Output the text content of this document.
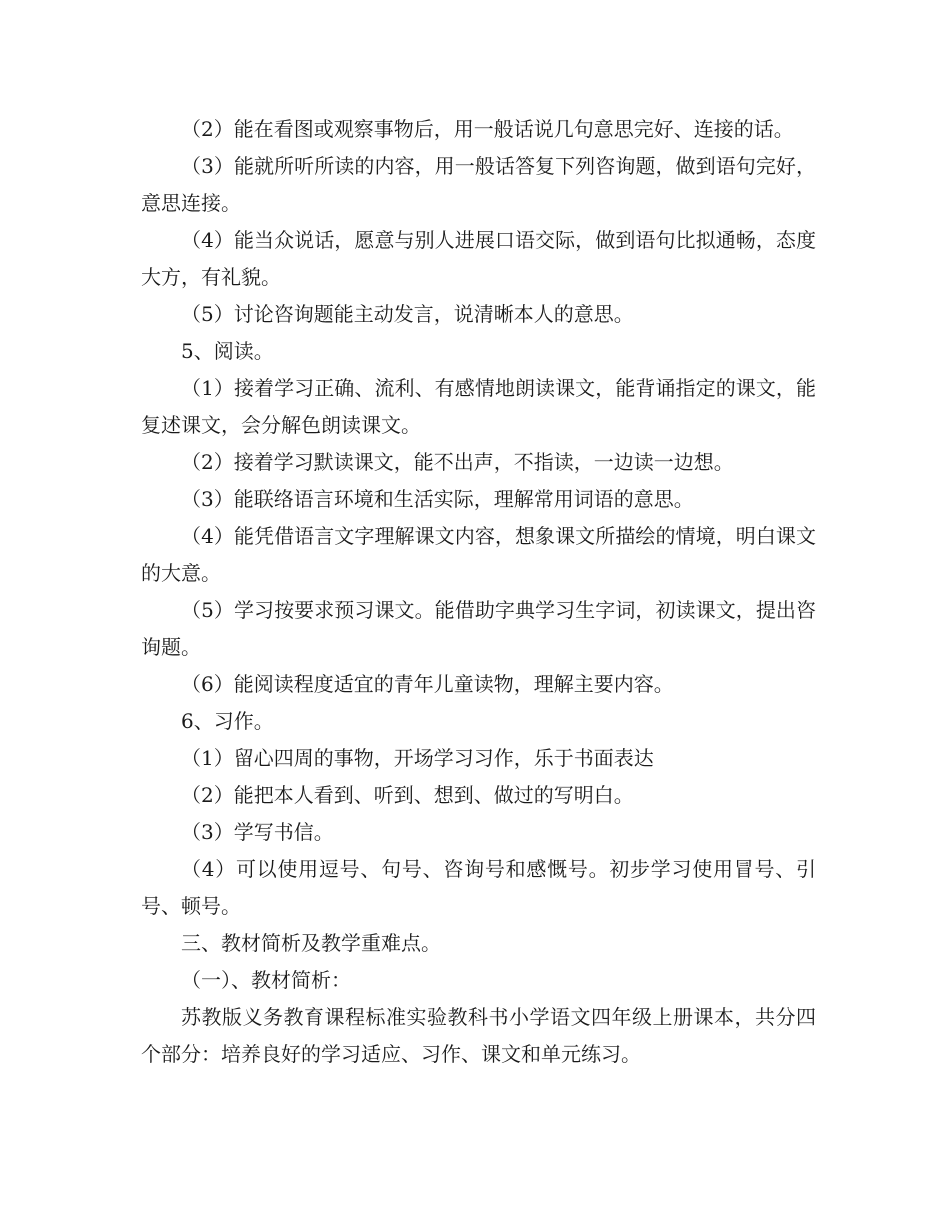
（2）能在看图或观察事物后，用一般话说几句意思完好、连接的话。

（3）能就所听所读的内容，用一般话答复下列咨询题，做到语句完好，意思连接。

（4）能当众说话，愿意与别人进展口语交际，做到语句比拟通畅，态度大方，有礼貌。

（5）讨论咨询题能主动发言，说清晰本人的意思。

5、阅读。

（1）接着学习正确、流利、有感情地朗读课文，能背诵指定的课文，能复述课文，会分解色朗读课文。

（2）接着学习默读课文，能不出声，不指读，一边读一边想。

（3）能联络语言环境和生活实际，理解常用词语的意思。

（4）能凭借语言文字理解课文内容，想象课文所描绘的情境，明白课文的大意。

（5）学习按要求预习课文。能借助字典学习生字词，初读课文，提出咨询题。

（6）能阅读程度适宜的青年儿童读物，理解主要内容。

6、习作。

（1）留心四周的事物，开场学习习作，乐于书面表达

（2）能把本人看到、听到、想到、做过的写明白。

（3）学写书信。

（4）可以使用逗号、句号、咨询号和感慨号。初步学习使用冒号、引号、顿号。

三、教材简析及教学重难点。

（一）、教材简析：

苏教版义务教育课程标准实验教科书小学语文四年级上册课本，共分四个部分：培养良好的学习适应、习作、课文和单元练习。
